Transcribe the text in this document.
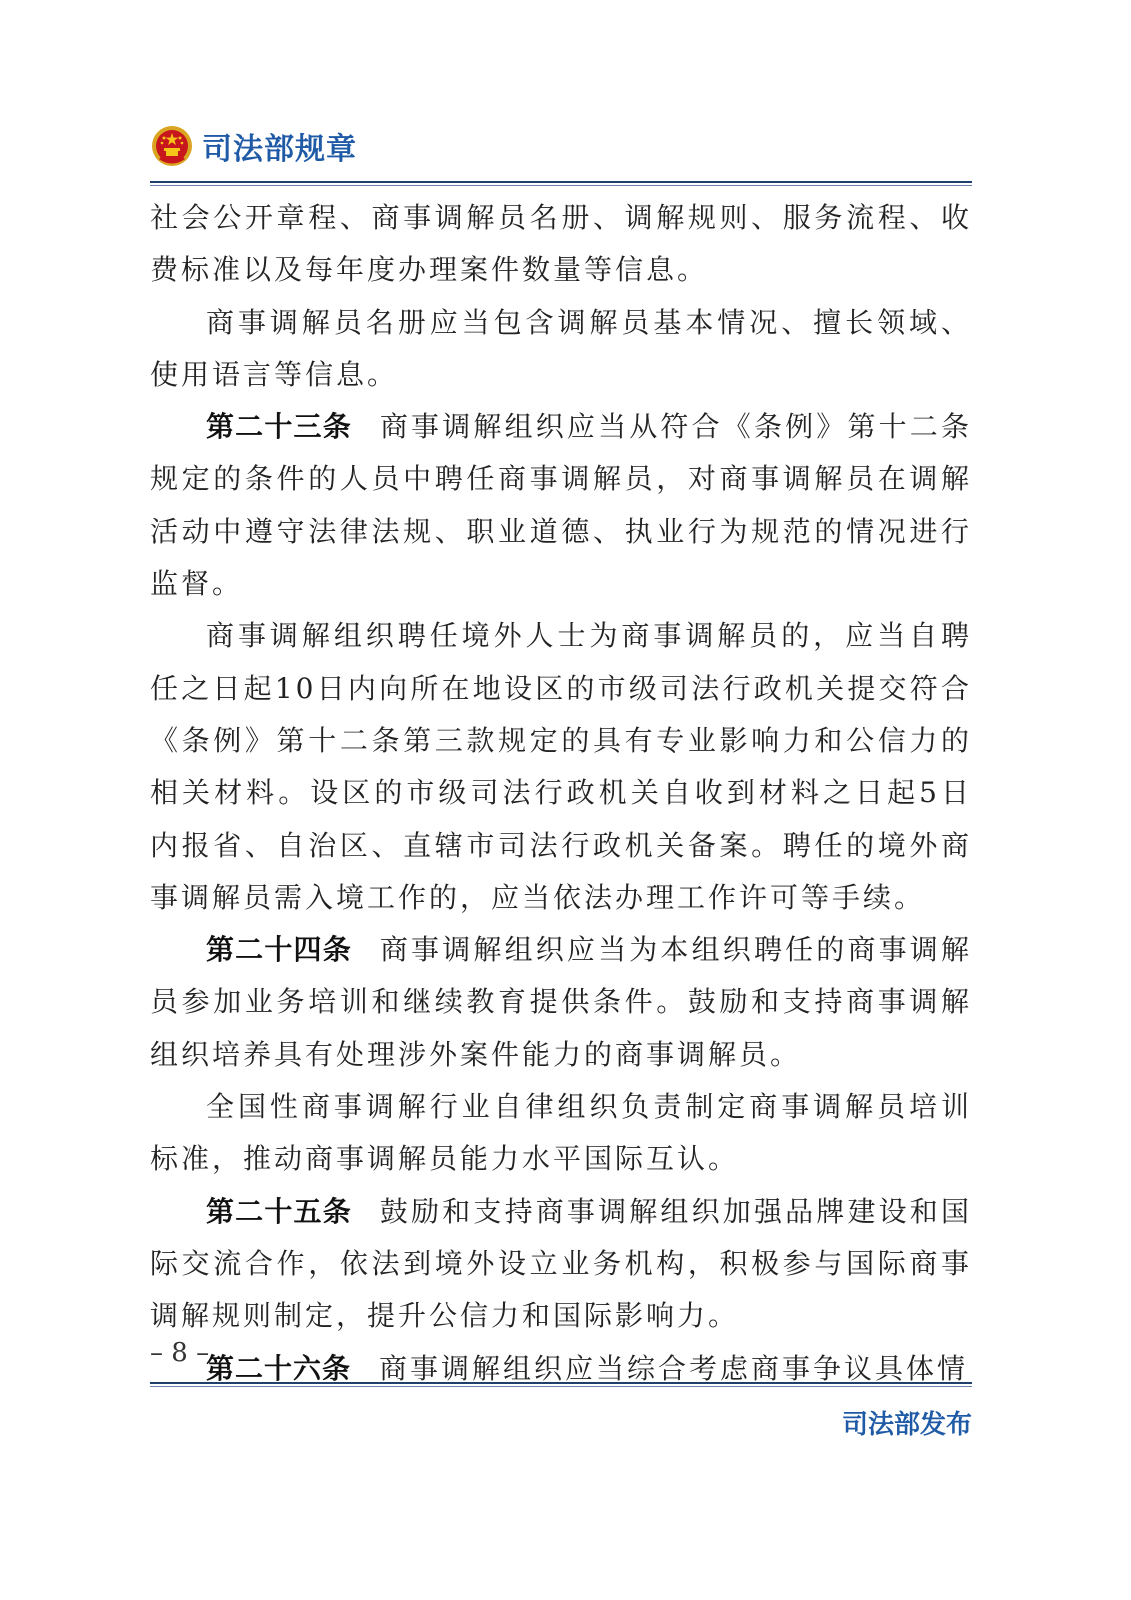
司法部规章

社会公开章程、商事调解员名册、调解规则、服务流程、收费标准以及每年度办理案件数量等信息。

商事调解员名册应当包含调解员基本情况、擅长领域、使用语言等信息。

第二十三条 商事调解组织应当从符合《条例》第十二条规定的条件的人员中聘任商事调解员，对商事调解员在调解活动中遵守法律法规、职业道德、执业行为规范的情况进行监督。

商事调解组织聘任境外人士为商事调解员的，应当自聘任之日起10日内向所在地设区的市级司法行政机关提交符合《条例》第十二条第三款规定的具有专业影响力和公信力的相关材料。设区的市级司法行政机关自收到材料之日起5日内报省、自治区、直辖市司法行政机关备案。聘任的境外商事调解员需入境工作的，应当依法办理工作许可等手续。

第二十四条 商事调解组织应当为本组织聘任的商事调解员参加业务培训和继续教育提供条件。鼓励和支持商事调解组织培养具有处理涉外案件能力的商事调解员。

全国性商事调解行业自律组织负责制定商事调解员培训标准，推动商事调解员能力水平国际互认。

第二十五条 鼓励和支持商事调解组织加强品牌建设和国际交流合作，依法到境外设立业务机构，积极参与国际商事调解规则制定，提升公信力和国际影响力。

第二十六条 商事调解组织应当综合考虑商事争议具体情

– 8 –
司法部发布
